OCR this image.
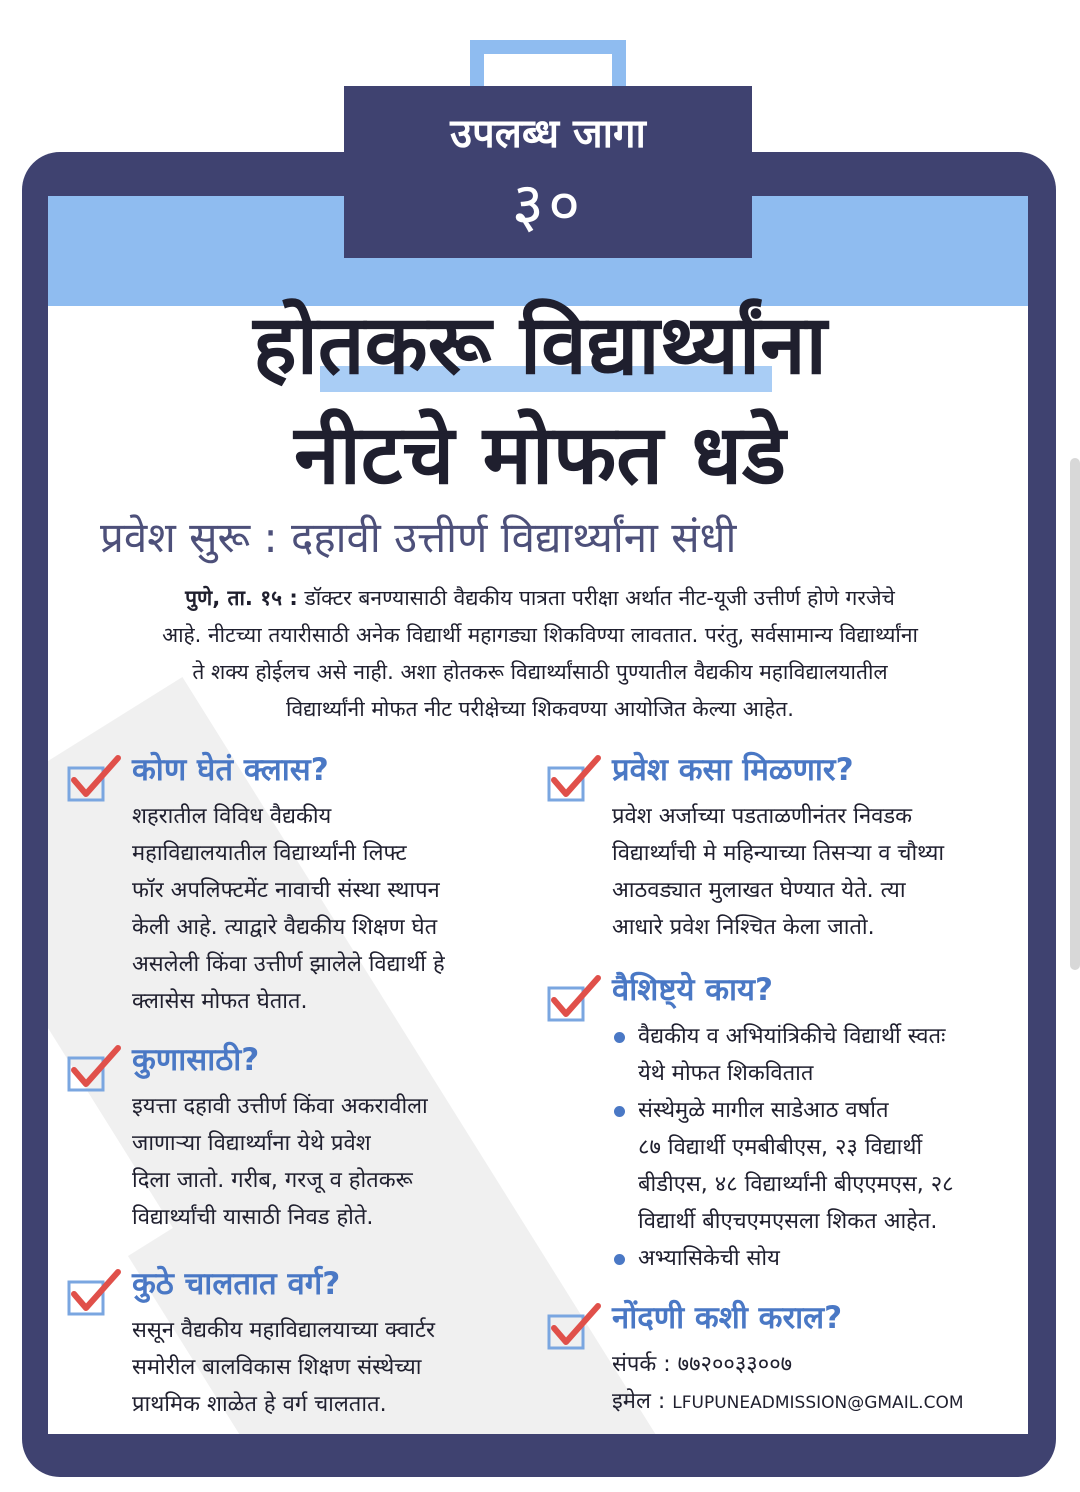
उपलब्ध जागा
३०
होतकरू विद्यार्थ्यांना
नीटचे मोफत धडे
प्रवेश सुरू : दहावी उत्तीर्ण विद्यार्थ्यांना संधी
पुणे, ता. १५ : डॉक्टर बनण्यासाठी वैद्यकीय पात्रता परीक्षा अर्थात नीट-यूजी उत्तीर्ण होणे गरजेचे
आहे. नीटच्या तयारीसाठी अनेक विद्यार्थी महागड्या शिकविण्या लावतात. परंतु, सर्वसामान्य विद्यार्थ्यांना
ते शक्य होईलच असे नाही. अशा होतकरू विद्यार्थ्यांसाठी पुण्यातील वैद्यकीय महाविद्यालयातील
विद्यार्थ्यांनी मोफत नीट परीक्षेच्या शिकवण्या आयोजित केल्या आहेत.
कोण घेतं क्लास?
शहरातील विविध वैद्यकीय
महाविद्यालयातील विद्यार्थ्यांनी लिफ्ट
फॉर अपलिफ्टमेंट नावाची संस्था स्थापन
केली आहे. त्याद्वारे वैद्यकीय शिक्षण घेत
असलेली किंवा उत्तीर्ण झालेले विद्यार्थी हे
क्लासेस मोफत घेतात.
कुणासाठी?
इयत्ता दहावी उत्तीर्ण किंवा अकरावीला
जाणाऱ्या विद्यार्थ्यांना येथे प्रवेश
दिला जातो. गरीब, गरजू व होतकरू
विद्यार्थ्यांची यासाठी निवड होते.
कुठे चालतात वर्ग?
ससून वैद्यकीय महाविद्यालयाच्या क्वार्टर
समोरील बालविकास शिक्षण संस्थेच्या
प्राथमिक शाळेत हे वर्ग चालतात.
प्रवेश कसा मिळणार?
प्रवेश अर्जाच्या पडताळणीनंतर निवडक
विद्यार्थ्यांची मे महिन्याच्या तिसऱ्या व चौथ्या
आठवड्यात मुलाखत घेण्यात येते. त्या
आधारे प्रवेश निश्चित केला जातो.
वैशिष्ट्ये काय?
वैद्यकीय व अभियांत्रिकीचे विद्यार्थी स्वतः
येथे मोफत शिकवितात
संस्थेमुळे मागील साडेआठ वर्षात
८७ विद्यार्थी एमबीबीएस, २३ विद्यार्थी
बीडीएस, ४८ विद्यार्थ्यांनी बीएएमएस, २८
विद्यार्थी बीएचएमएसला शिकत आहेत.
अभ्यासिकेची सोय
नोंदणी कशी कराल?
संपर्क : ७७२००३३००७
इमेल : LFUPUNEADMISSION@GMAIL.COM
